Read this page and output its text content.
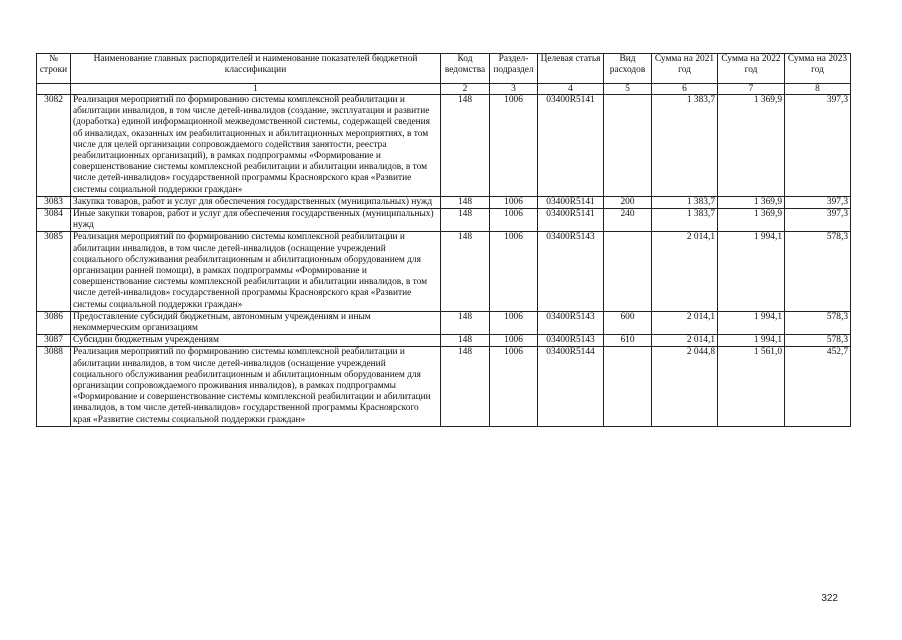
№ строки	Наименование главных распорядителей и наименование показателей бюджетной классификации	Код ведомства	Раздел-подраздел	Целевая статья	Вид расходов	Сумма на 2021 год	Сумма на 2022 год	Сумма на 2023 год
	1	2	3	4	5	6	7	8
3082	Реализация мероприятий по формированию системы комплексной реабилитации и абилитации инвалидов, в том числе детей-инвалидов (создание, эксплуатация и развитие (доработка) единой информационной межведомственной системы, содержащей сведения об инвалидах, оказанных им реабилитационных и абилитационных мероприятиях, в том числе для целей организации сопровождаемого содействия занятости, реестра реабилитационных организаций), в рамках подпрограммы «Формирование и совершенствование системы комплексной реабилитации и абилитации инвалидов, в том числе детей-инвалидов» государственной программы Красноярского края «Развитие системы социальной поддержки граждан»	148	1006	03400R5141		1 383,7	1 369,9	397,3
3083	Закупка товаров, работ и услуг для обеспечения государственных (муниципальных) нужд	148	1006	03400R5141	200	1 383,7	1 369,9	397,3
3084	Иные закупки товаров, работ и услуг для обеспечения государственных (муниципальных) нужд	148	1006	03400R5141	240	1 383,7	1 369,9	397,3
3085	Реализация мероприятий по формированию системы комплексной реабилитации и абилитации инвалидов, в том числе детей-инвалидов (оснащение учреждений социального обслуживания реабилитационным и абилитационным оборудованием для организации ранней помощи), в рамках подпрограммы «Формирование и совершенствование системы комплексной реабилитации и абилитации инвалидов, в том числе детей-инвалидов» государственной программы Красноярского края «Развитие системы социальной поддержки граждан»	148	1006	03400R5143		2 014,1	1 994,1	578,3
3086	Предоставление субсидий бюджетным, автономным учреждениям и иным некоммерческим организациям	148	1006	03400R5143	600	2 014,1	1 994,1	578,3
3087	Субсидии бюджетным учреждениям	148	1006	03400R5143	610	2 014,1	1 994,1	578,3
3088	Реализация мероприятий по формированию системы комплексной реабилитации и абилитации инвалидов, в том числе детей-инвалидов (оснащение учреждений социального обслуживания реабилитационным и абилитационным оборудованием для организации сопровождаемого проживания инвалидов), в рамках подпрограммы «Формирование и совершенствование системы комплексной реабилитации и абилитации инвалидов, в том числе детей-инвалидов» государственной программы Красноярского края «Развитие системы социальной поддержки граждан»	148	1006	03400R5144		2 044,8	1 561,0	452,7
322
